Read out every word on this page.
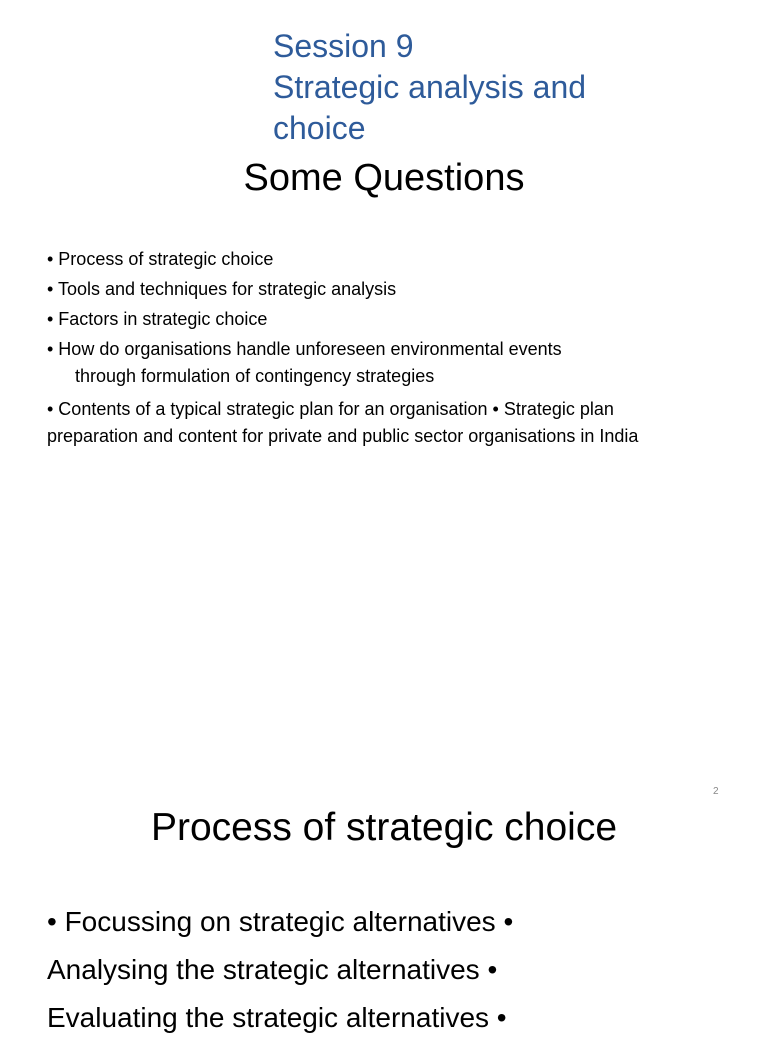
Session 9
Strategic analysis and
choice
Some Questions
• Process of strategic choice
• Tools and techniques for strategic analysis
• Factors in strategic choice
• How do organisations handle unforeseen environmental events
through formulation of contingency strategies
• Contents of a typical strategic plan for an organisation • Strategic plan preparation and content for private and public sector organisations in India
2
Process of strategic choice
• Focussing on strategic alternatives •
Analysing the strategic alternatives •
Evaluating the strategic alternatives •
